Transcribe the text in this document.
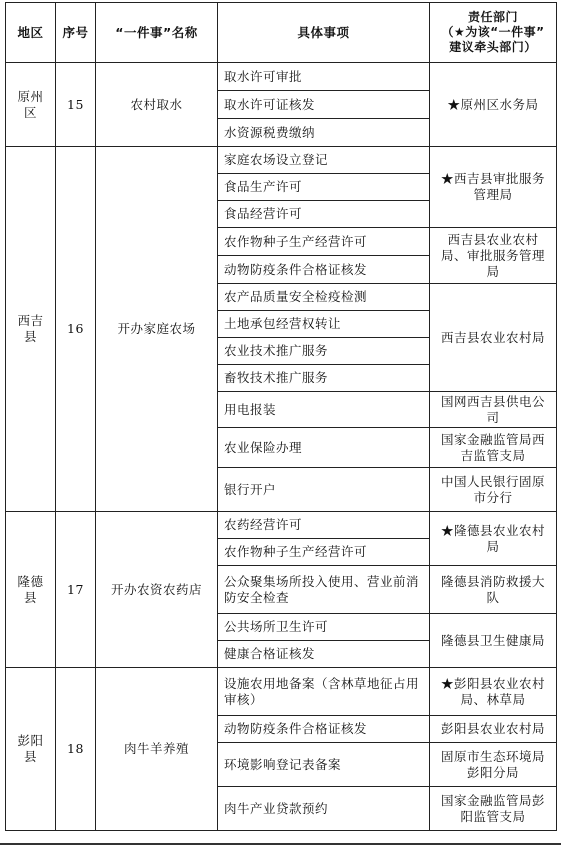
地区	序号	“一件事”名称	具体事项	责任部门
（★为该“一件事”
建议牵头部门）

原州区	15	农村取水	取水许可审批	★原州区水务局
			取水许可证核发	
			水资源税费缴纳	
西吉县	16	开办家庭农场	家庭农场设立登记	★西吉县审批服务管理局
			食品生产许可	
			食品经营许可	
			农作物种子生产经营许可	西吉县农业农村局、审批服务管理局
			动物防疫条件合格证核发	
			农产品质量安全检疫检测	西吉县农业农村局
			土地承包经营权转让	
			农业技术推广服务	
			畜牧技术推广服务	
			用电报装	国网西吉县供电公司
			农业保险办理	国家金融监管局西吉监管支局
			银行开户	中国人民银行固原市分行
隆德县	17	开办农资农药店	农药经营许可	★隆德县农业农村局
			农作物种子生产经营许可	
			公众聚集场所投入使用、营业前消防安全检查	隆德县消防救援大队
			公共场所卫生许可	隆德县卫生健康局
			健康合格证核发	
彭阳县	18	肉牛羊养殖	设施农用地备案（含林草地征占用审核）	★彭阳县农业农村局、林草局
			动物防疫条件合格证核发	彭阳县农业农村局
			环境影响登记表备案	固原市生态环境局彭阳分局
			肉牛产业贷款预约	国家金融监管局彭阳监管支局
